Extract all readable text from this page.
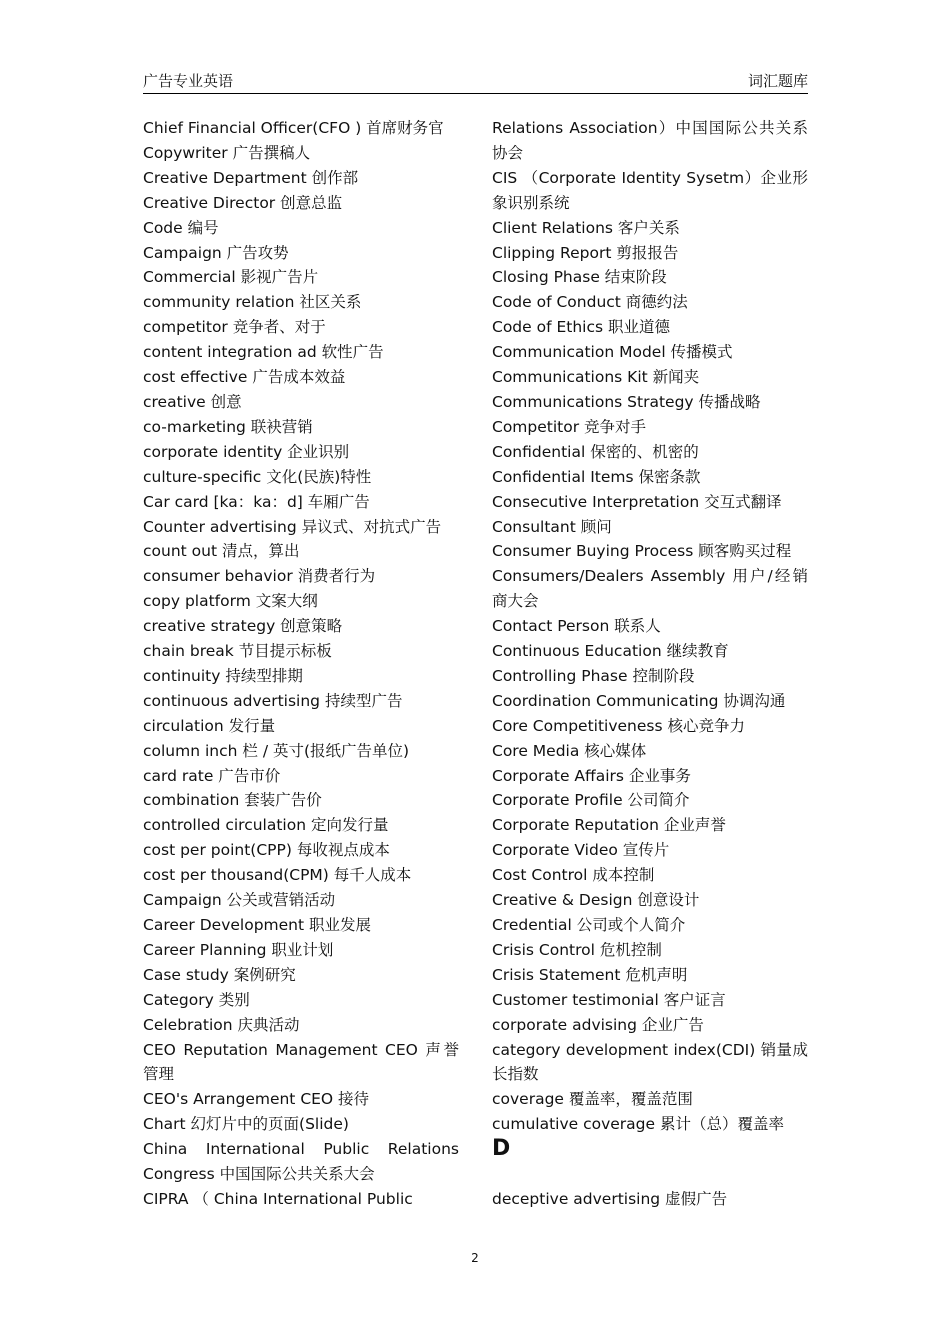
广告专业英语	词汇题库
Chief Financial Officer(CFO ) 首席财务官
Copywriter 广告撰稿人
Creative Department 创作部
Creative Director 创意总监
Code 编号
Campaign 广告攻势
Commercial 影视广告片
community relation 社区关系
competitor 竞争者、对于
content integration ad 软性广告
cost effective 广告成本效益
creative 创意
co-marketing 联袂营销
corporate identity 企业识别
culture-specific 文化(民族)特性
Car card [ka：ka：d] 车厢广告
Counter advertising 异议式、对抗式广告
count out 清点，算出
consumer behavior 消费者行为
copy platform 文案大纲
creative strategy 创意策略
chain break 节目提示标板
continuity 持续型排期
continuous advertising 持续型广告
circulation 发行量
column inch 栏 / 英寸(报纸广告单位)
card rate 广告市价
combination 套装广告价
controlled circulation 定向发行量
cost per point(CPP) 每收视点成本
cost per thousand(CPM) 每千人成本
Campaign 公关或营销活动
Career Development 职业发展
Career Planning 职业计划
Case study 案例研究
Category 类别
Celebration 庆典活动
CEO Reputation Management CEO 声誉管理
CEO's Arrangement CEO 接待
Chart 幻灯片中的页面(Slide)
China International Public Relations Congress 中国国际公共关系大会
CIPRA （ China International Public
Relations Association）中国国际公共关系协会
CIS （Corporate Identity Sysetm）企业形象识别系统
Client Relations 客户关系
Clipping Report 剪报报告
Closing Phase 结束阶段
Code of Conduct 商德约法
Code of Ethics 职业道德
Communication Model 传播模式
Communications Kit 新闻夹
Communications Strategy 传播战略
Competitor 竞争对手
Confidential 保密的、机密的
Confidential Items 保密条款
Consecutive Interpretation 交互式翻译
Consultant 顾问
Consumer Buying Process 顾客购买过程
Consumers/Dealers Assembly 用户/经销商大会
Contact Person 联系人
Continuous Education 继续教育
Controlling Phase 控制阶段
Coordination Communicating 协调沟通
Core Competitiveness 核心竞争力
Core Media 核心媒体
Corporate Affairs 企业事务
Corporate Profile 公司简介
Corporate Reputation 企业声誉
Corporate Video 宣传片
Cost Control 成本控制
Creative & Design 创意设计
Credential 公司或个人简介
Crisis Control 危机控制
Crisis Statement 危机声明
Customer testimonial 客户证言
corporate advising 企业广告
category development index(CDI) 销量成长指数
coverage 覆盖率，覆盖范围
cumulative coverage 累计（总）覆盖率
D
deceptive advertising 虚假广告
2
